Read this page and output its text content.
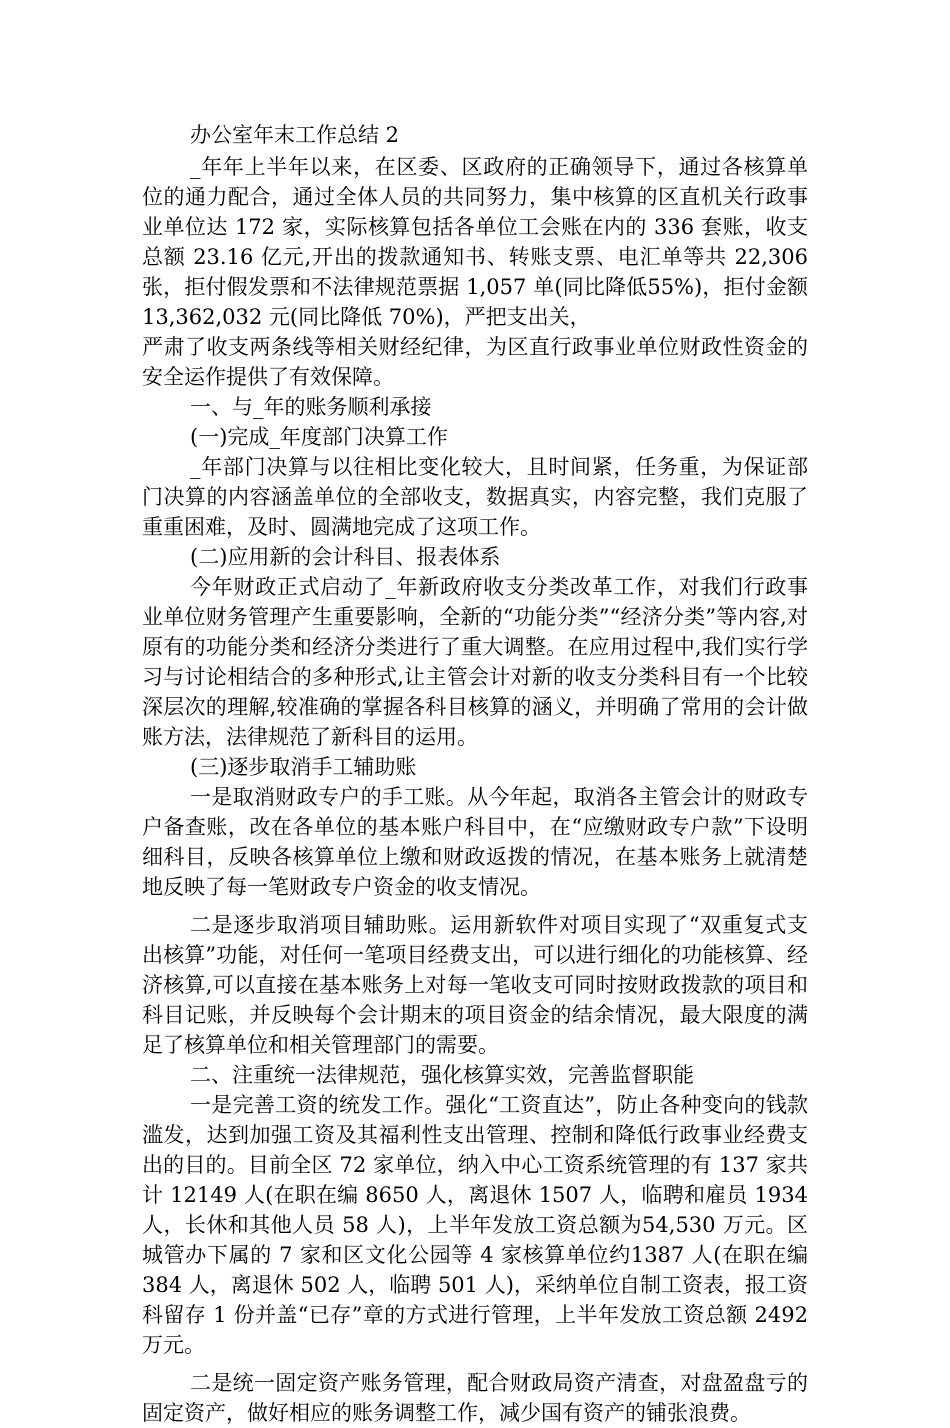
办公室年末工作总结 2

_年年上半年以来，在区委、区政府的正确领导下，通过各核算单位的通力配合，通过全体人员的共同努力，集中核算的区直机关行政事业单位达 172 家，实际核算包括各单位工会账在内的 336 套账，收支总额 23.16 亿元,开出的拨款通知书、转账支票、电汇单等共 22,306 张，拒付假发票和不法律规范票据 1,057 单(同比降低55%)，拒付金额 13,362,032 元(同比降低 70%)，严把支出关，

严肃了收支两条线等相关财经纪律，为区直行政事业单位财政性资金的安全运作提供了有效保障。

一、与_年的账务顺利承接

(一)完成_年度部门决算工作

_年部门决算与以往相比变化较大，且时间紧，任务重，为保证部门决算的内容涵盖单位的全部收支，数据真实，内容完整，我们克服了重重困难，及时、圆满地完成了这项工作。

(二)应用新的会计科目、报表体系

今年财政正式启动了_年新政府收支分类改革工作，对我们行政事业单位财务管理产生重要影响，全新的“功能分类”“经济分类”等内容,对原有的功能分类和经济分类进行了重大调整。在应用过程中,我们实行学习与讨论相结合的多种形式,让主管会计对新的收支分类科目有一个比较深层次的理解,较准确的掌握各科目核算的涵义，并明确了常用的会计做账方法，法律规范了新科目的运用。

(三)逐步取消手工辅助账

一是取消财政专户的手工账。从今年起，取消各主管会计的财政专户备查账，改在各单位的基本账户科目中，在“应缴财政专户款”下设明细科目，反映各核算单位上缴和财政返拨的情况，在基本账务上就清楚地反映了每一笔财政专户资金的收支情况。

二是逐步取消项目辅助账。运用新软件对项目实现了“双重复式支出核算”功能，对任何一笔项目经费支出，可以进行细化的功能核算、经济核算,可以直接在基本账务上对每一笔收支可同时按财政拨款的项目和科目记账，并反映每个会计期末的项目资金的结余情况，最大限度的满足了核算单位和相关管理部门的需要。

二、注重统一法律规范，强化核算实效，完善监督职能

一是完善工资的统发工作。强化“工资直达”，防止各种变向的钱款滥发，达到加强工资及其福利性支出管理、控制和降低行政事业经费支出的目的。目前全区 72 家单位，纳入中心工资系统管理的有 137 家共计 12149 人(在职在编 8650 人，离退休 1507 人，临聘和雇员 1934 人，长休和其他人员 58 人)，上半年发放工资总额为54,530 万元。区城管办下属的 7 家和区文化公园等 4 家核算单位约1387 人(在职在编 384 人，离退休 502 人，临聘 501 人)，采纳单位自制工资表，报工资科留存 1 份并盖“已存”章的方式进行管理，上半年发放工资总额 2492 万元。

二是统一固定资产账务管理，配合财政局资产清查，对盘盈盘亏的固定资产，做好相应的账务调整工作，减少国有资产的铺张浪费。
